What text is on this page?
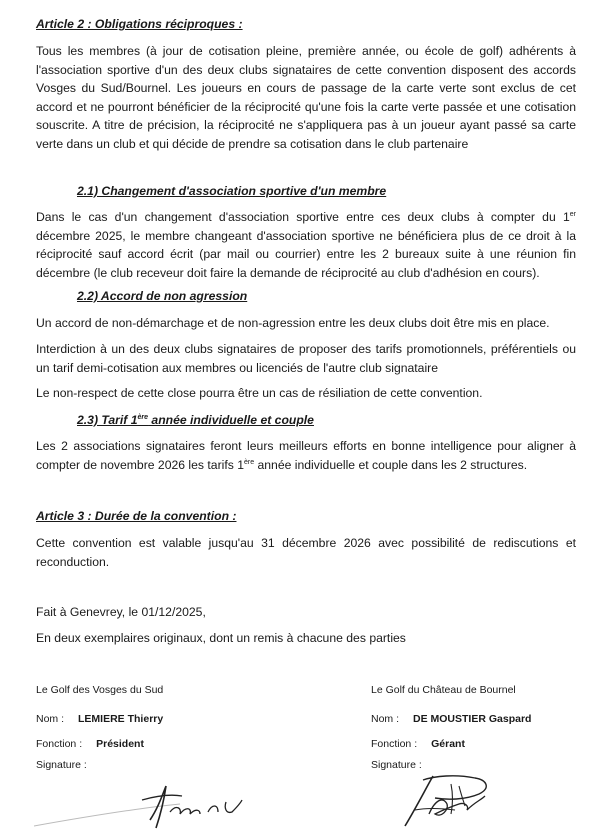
Article 2 : Obligations réciproques :

Tous les membres (à jour de cotisation pleine, première année, ou école de golf) adhérents à l'association sportive d'un des deux clubs signataires de cette convention disposent des accords Vosges du Sud/Bournel. Les joueurs en cours de passage de la carte verte sont exclus de cet accord et ne pourront bénéficier de la réciprocité qu'une fois la carte verte passée et une cotisation souscrite. A titre de précision, la réciprocité ne s'appliquera pas à un joueur ayant passé sa carte verte dans un club et qui décide de prendre sa cotisation dans le club partenaire

2.1) Changement d'association sportive d'un membre

Dans le cas d'un changement d'association sportive entre ces deux clubs à compter du 1er décembre 2025, le membre changeant d'association sportive ne bénéficiera plus de ce droit à la réciprocité sauf accord écrit (par mail ou courrier) entre les 2 bureaux suite à une réunion fin décembre (le club receveur doit faire la demande de réciprocité au club d'adhésion en cours).

2.2) Accord de non agression

Un accord de non-démarchage et de non-agression entre les deux clubs doit être mis en place.

Interdiction à un des deux clubs signataires de proposer des tarifs promotionnels, préférentiels ou un tarif demi-cotisation aux membres ou licenciés de l'autre club signataire

Le non-respect de cette close pourra être un cas de résiliation de cette convention.

2.3) Tarif 1ère année individuelle et couple

Les 2 associations signataires feront leurs meilleurs efforts en bonne intelligence pour aligner à compter de novembre 2026 les tarifs 1ère année individuelle et couple dans les 2 structures.

Article 3 : Durée de la convention :

Cette convention est valable jusqu'au 31 décembre 2026 avec possibilité de rediscutions et reconduction.

Fait à Genevrey, le 01/12/2025,
En deux exemplaires originaux, dont un remis à chacune des parties
Le Golf des Vosges du Sud
Nom : LEMIERE Thierry
Fonction : Président
Signature :
Le Golf du Château de Bournel
Nom : DE MOUSTIER Gaspard
Fonction : Gérant
Signature :
